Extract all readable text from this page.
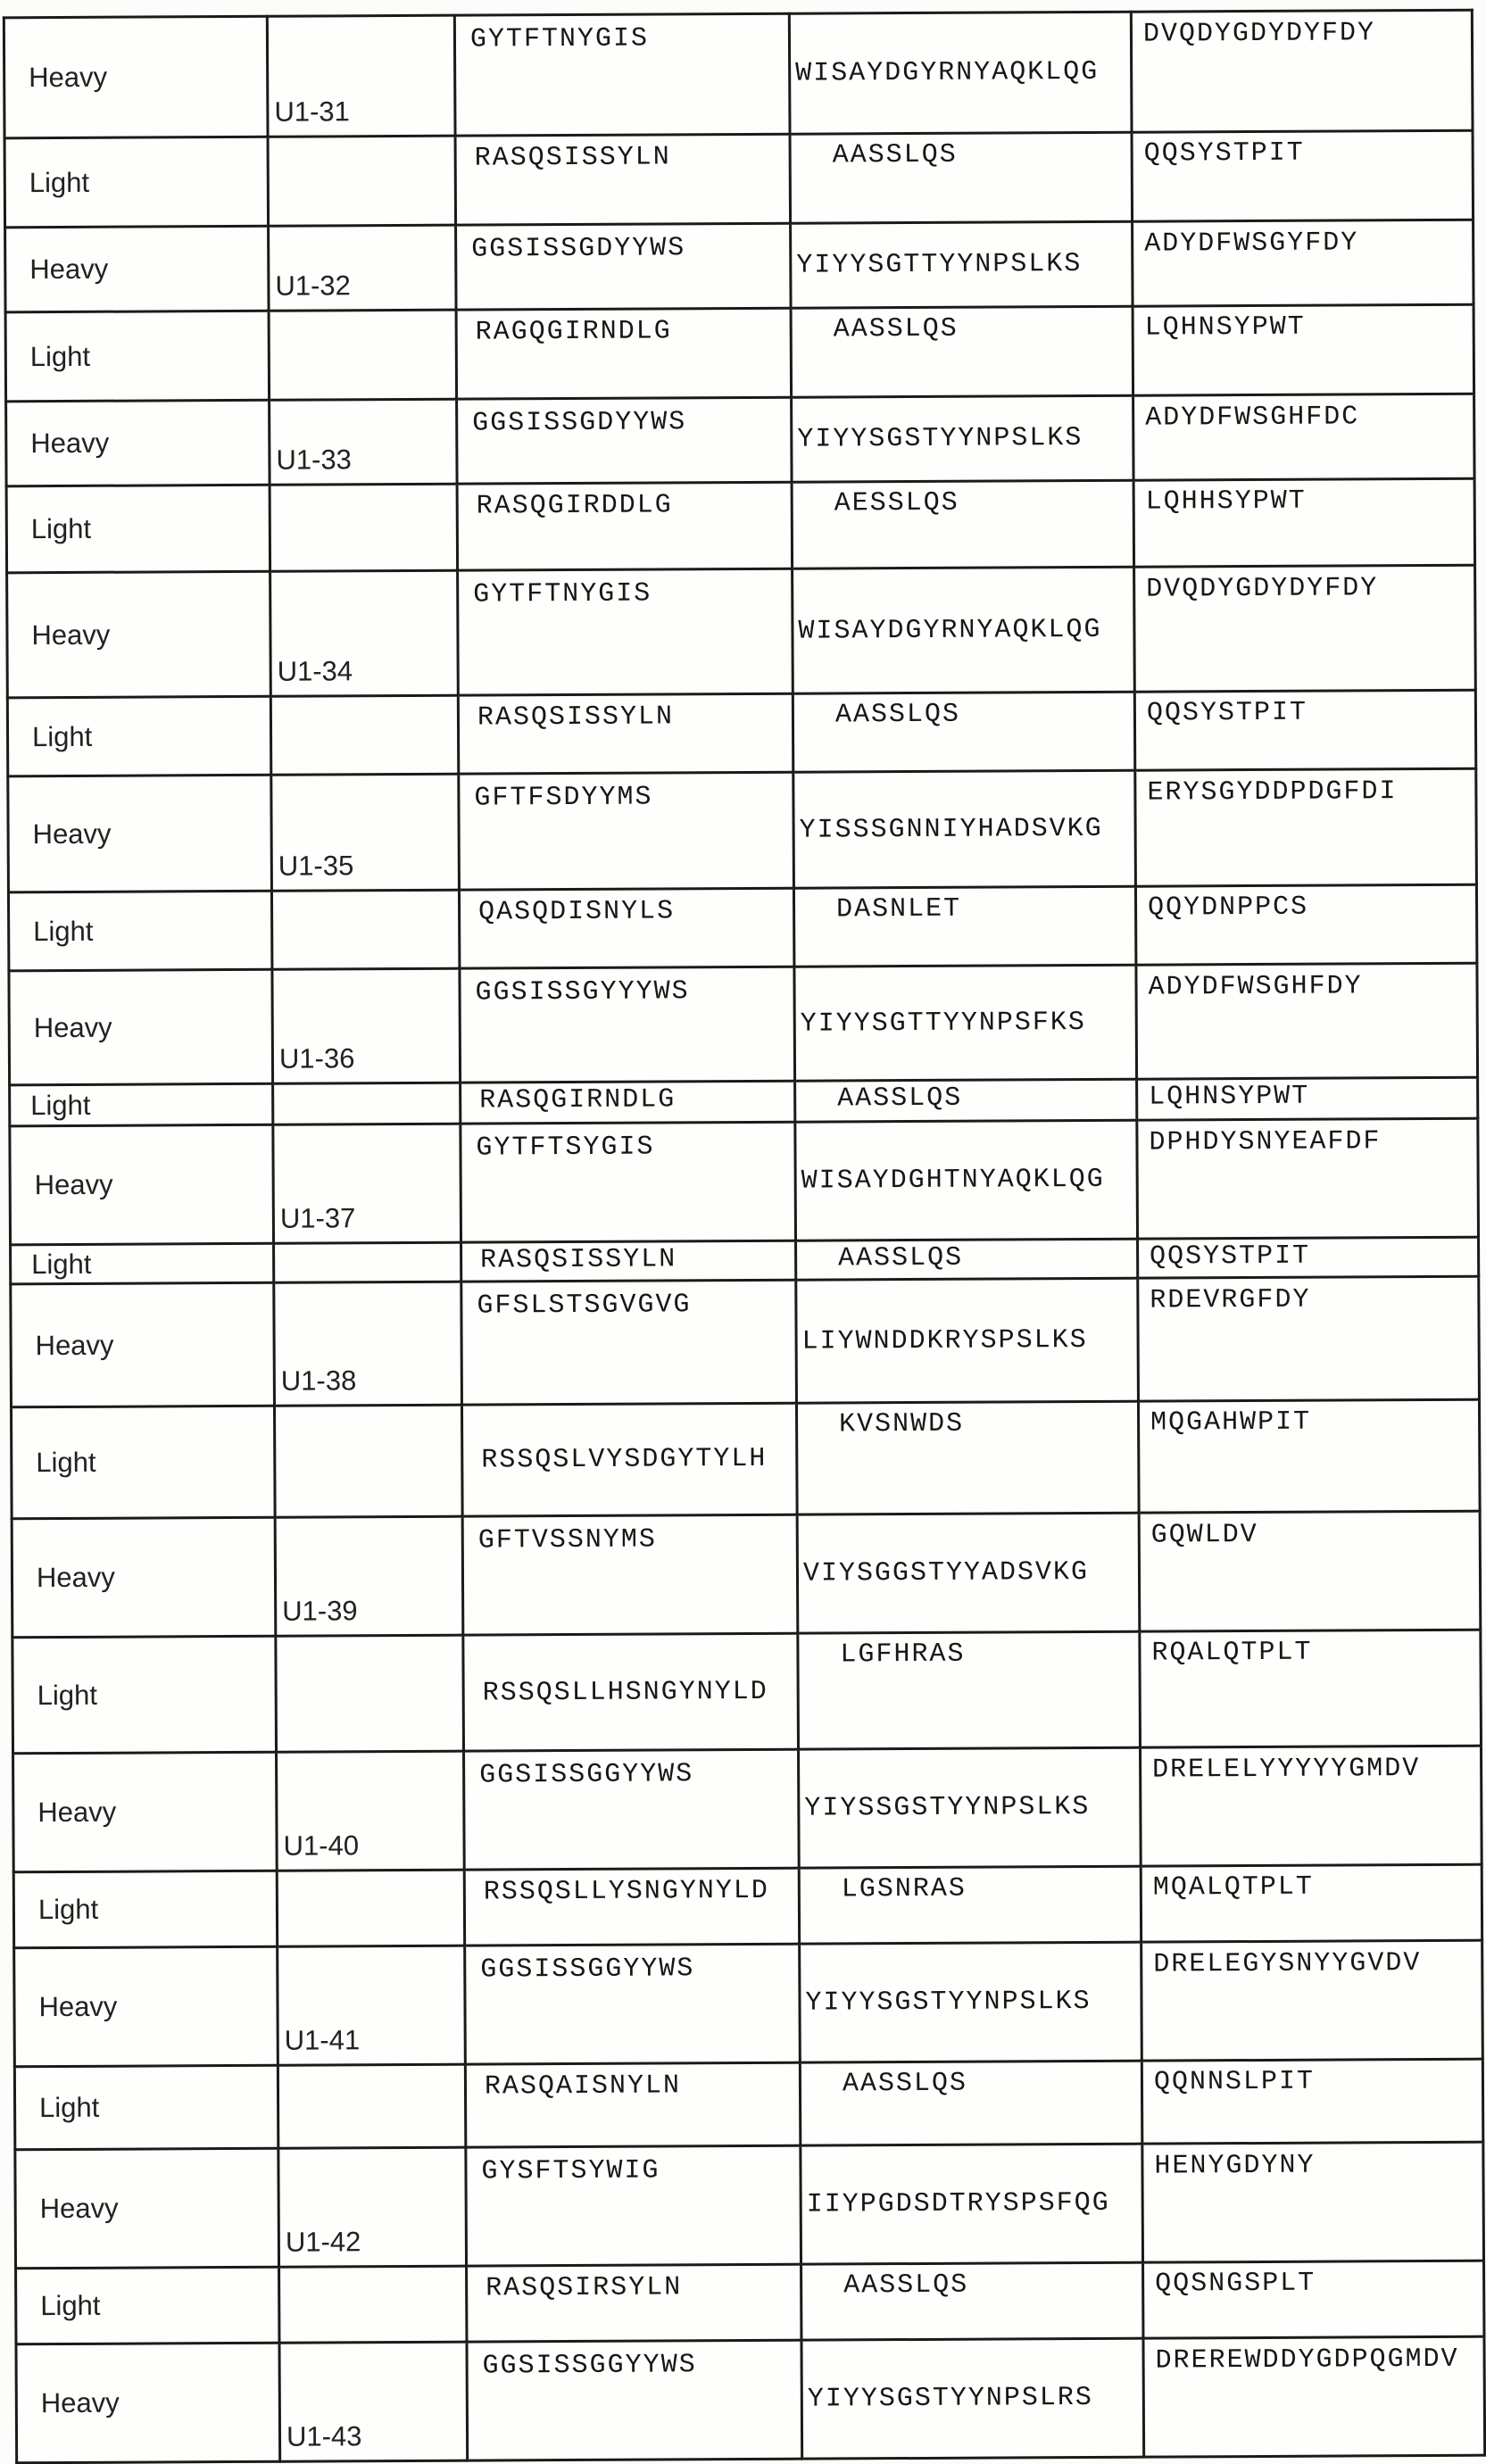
Heavy	U1-31	GYTFTNYGIS	WISAYDGYRNYAQKLQG	DVQDYGDYDYFDY
Light		RASQSISSYLN	AASSLQS	QQSYSTPIT
Heavy	U1-32	GGSISSGDYYWS	YIYYSGTTYYNPSLKS	ADYDFWSGYFDY
Light		RAGQGIRNDLG	AASSLQS	LQHNSYPWT
Heavy	U1-33	GGSISSGDYYWS	YIYYSGSTYYNPSLKS	ADYDFWSGHFDC
Light		RASQGIRDDLG	AESSLQS	LQHHSYPWT
Heavy	U1-34	GYTFTNYGIS	WISAYDGYRNYAQKLQG	DVQDYGDYDYFDY
Light		RASQSISSYLN	AASSLQS	QQSYSTPIT
Heavy	U1-35	GFTFSDYYMS	YISSSGNNIYHADSVKG	ERYSGYDDPDGFDI
Light		QASQDISNYLS	DASNLET	QQYDNPPCS
Heavy	U1-36	GGSISSGYYYWS	YIYYSGTTYYNPSFKS	ADYDFWSGHFDY
Light		RASQGIRNDLG	AASSLQS	LQHNSYPWT
Heavy	U1-37	GYTFTSYGIS	WISAYDGHTNYAQKLQG	DPHDYSNYEAFDF
Light		RASQSISSYLN	AASSLQS	QQSYSTPIT
Heavy	U1-38	GFSLSTSGVGVG	LIYWNDDKRYSPSLKS	RDEVRGFDY
Light		RSSQSLVYSDGYTYLH	KVSNWDS	MQGAHWPIT
Heavy	U1-39	GFTVSSNYMS	VIYSGGSTYYADSVKG	GQWLDV
Light		RSSQSLLHSNGYNYLD	LGFHRAS	RQALQTPLT
Heavy	U1-40	GGSISSGGYYWS	YIYSSGSTYYNPSLKS	DRELELYYYYYGMDV
Light		RSSQSLLYSNGYNYLD	LGSNRAS	MQALQTPLT
Heavy	U1-41	GGSISSGGYYWS	YIYYSGSTYYNPSLKS	DRELEGYSNYYGVDV
Light		RASQAISNYLN	AASSLQS	QQNNSLPIT
Heavy	U1-42	GYSFTSYWIG	IIYPGDSDTRYSPSFQG	HENYGDYNY
Light		RASQSIRSYLN	AASSLQS	QQSNGSPLT
Heavy	U1-43	GGSISSGGYYWS	YIYYSGSTYYNPSLRS	DREREWDDYGDPQGMDV
